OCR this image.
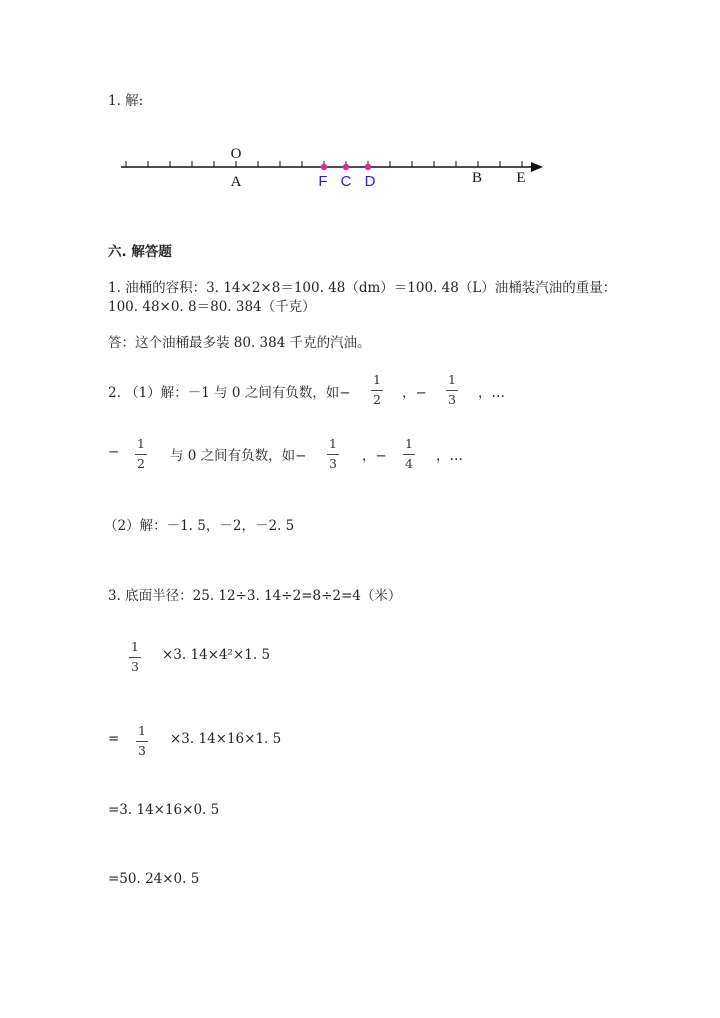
1. 解:
O
A	F C D	B E
六. 解答题
1. 油桶的容积：3. 14×2×8＝100. 48（dm）＝100. 48（L）油桶装汽油的重量：
100. 48×0. 8＝80. 384（千克）
答：这个油桶最多装 80. 384 千克的汽油。
2. （1）解：－1 与 0 之间有负数，如−
1
2 ，−
1
3 ，…
−
1
2 与 0 之间有负数，如−
1
3 ，−
1
4 ，…
（2）解：－1. 5，－2，－2. 5
3. 底面半径：25. 12÷3. 14÷2=8÷2=4（米）
1
3
×3. 14×4²×1. 5
=
1
3
×3. 14×16×1. 5
=3. 14×16×0. 5
=50. 24×0. 5
